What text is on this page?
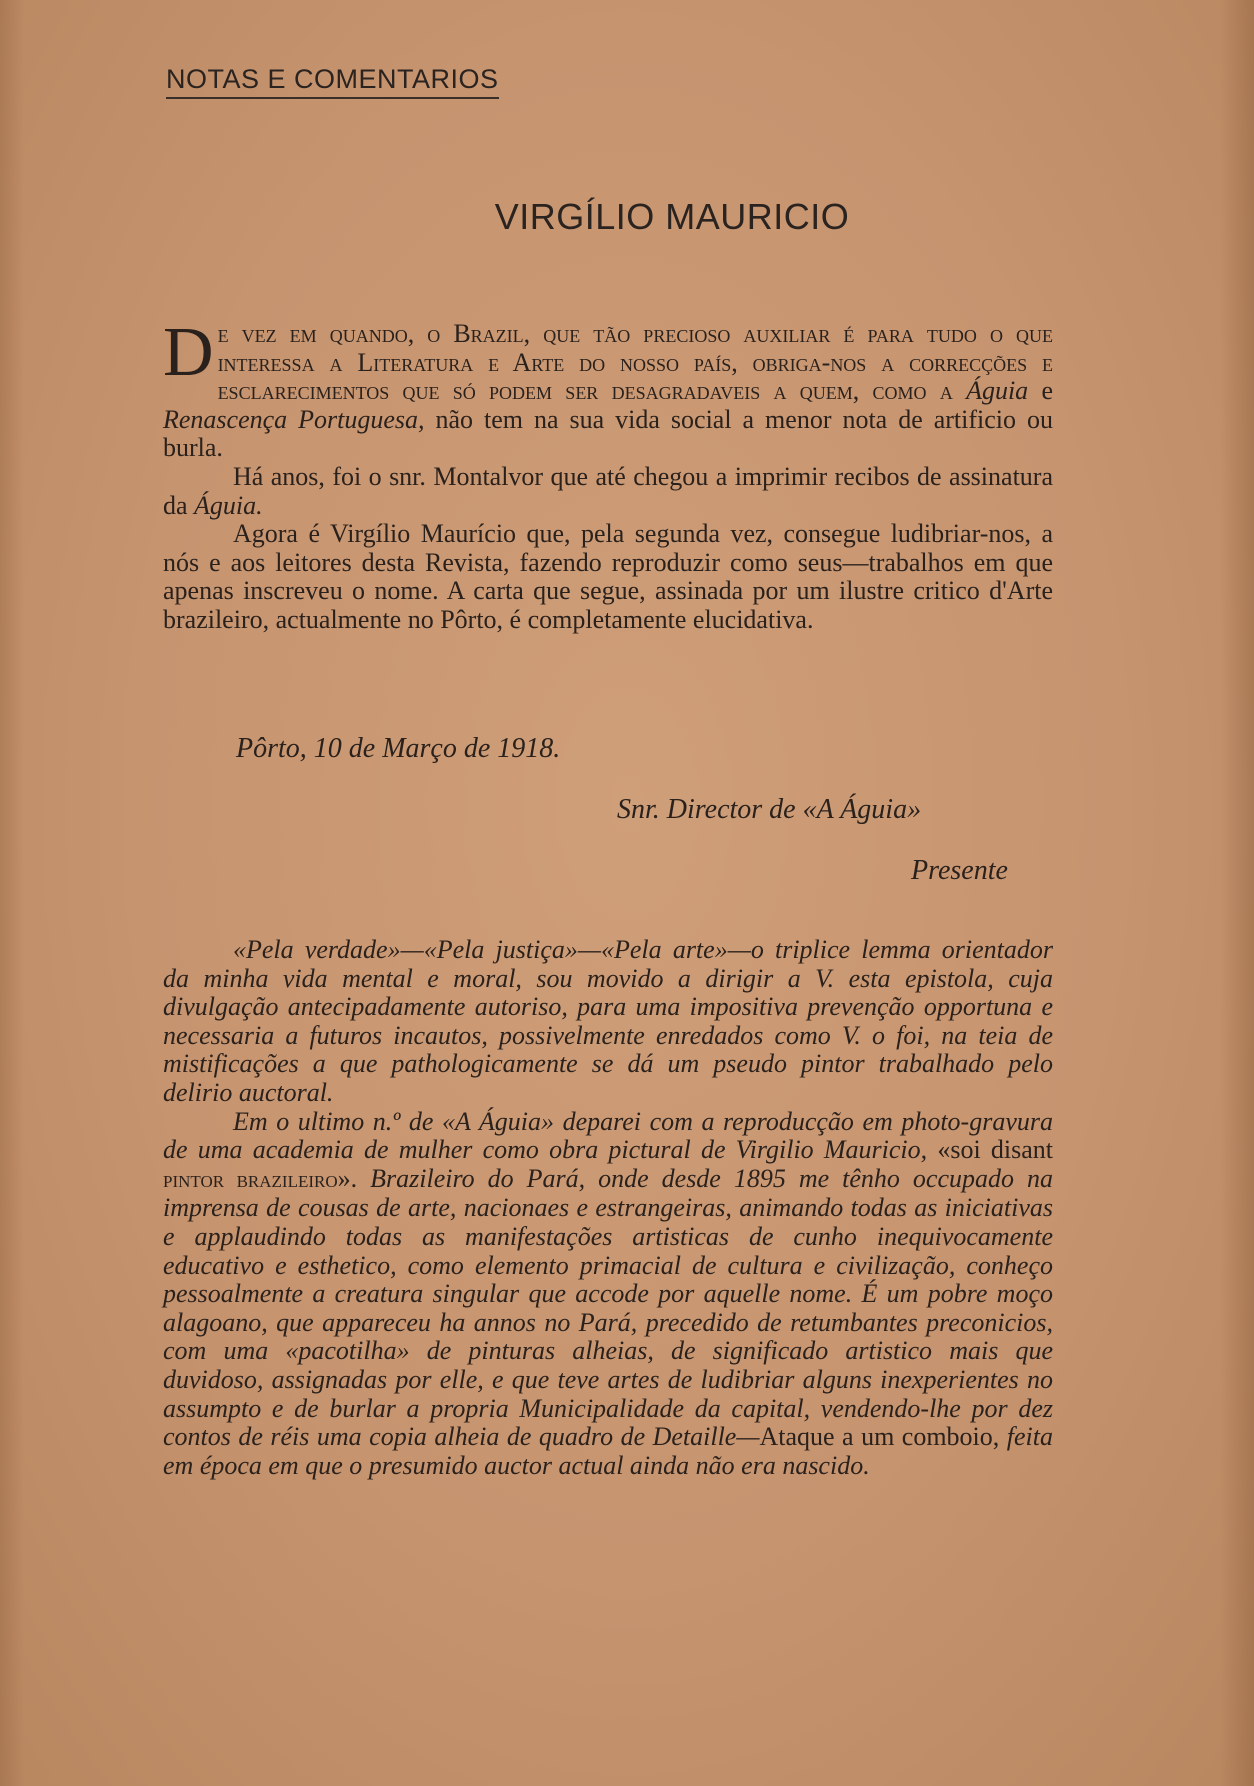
NOTAS E COMENTARIOS
VIRGÍLIO MAURICIO

De vez em quando, o Brazil, que tão precioso auxiliar é para tudo o que interessa a Literatura e Arte do nosso país, obriga-nos a correcções e esclarecimentos que só podem ser desagradaveis a quem, como a Águia e Renascença Portuguesa, não tem na sua vida social a menor nota de artificio ou burla.

Há anos, foi o snr. Montalvor que até chegou a imprimir recibos de assinatura da Águia.

Agora é Virgílio Maurício que, pela segunda vez, consegue ludibriar-nos, a nós e aos leitores desta Revista, fazendo reproduzir como seus—trabalhos em que apenas inscreveu o nome. A carta que segue, assinada por um ilustre critico d'Arte brazileiro, actualmente no Pôrto, é completamente elucidativa.

Pôrto, 10 de Março de 1918.
Snr. Director de «A Águia»
Presente

«Pela verdade»—«Pela justiça»—«Pela arte»—o triplice lemma orientador da minha vida mental e moral, sou movido a dirigir a V. esta epistola, cuja divulgação antecipadamente autoriso, para uma impositiva prevenção opportuna e necessaria a futuros incautos, possivelmente enredados como V. o foi, na teia de mistificações a que pathologicamente se dá um pseudo pintor trabalhado pelo delirio auctoral.

Em o ultimo n.º de «A Águia» deparei com a reproducção em photo-gravura de uma academia de mulher como obra pictural de Virgilio Mauricio, «soi disant pintor brazileiro». Brazileiro do Pará, onde desde 1895 me tênho occupado na imprensa de cousas de arte, nacionaes e estrangeiras, animando todas as iniciativas e applaudindo todas as manifestações artisticas de cunho inequivocamente educativo e esthetico, como elemento primacial de cultura e civilização, conheço pessoalmente a creatura singular que accode por aquelle nome. É um pobre moço alagoano, que appareceu ha annos no Pará, precedido de retumbantes preconicios, com uma «pacotilha» de pinturas alheias, de significado artistico mais que duvidoso, assignadas por elle, e que teve artes de ludibriar alguns inexperientes no assumpto e de burlar a propria Municipalidade da capital, vendendo-lhe por dez contos de réis uma copia alheia de quadro de Detaille—Ataque a um comboio, feita em época em que o presumido auctor actual ainda não era nascido.
